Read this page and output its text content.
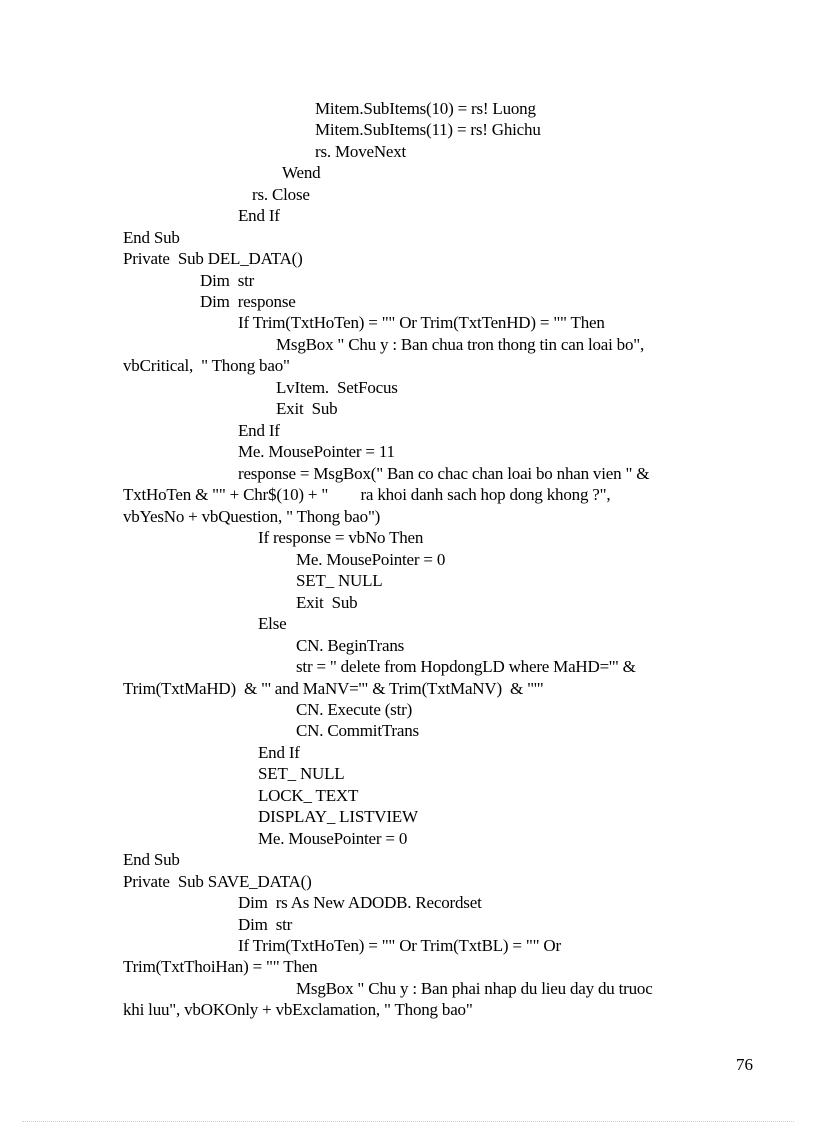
Mitem.SubItems(10) = rs! Luong
Mitem.SubItems(11) = rs! Ghichu
rs. MoveNext
Wend
rs. Close
End If
End Sub
Private  Sub DEL_DATA()
Dim  str
Dim  response
If Trim(TxtHoTen) = "" Or Trim(TxtTenHD) = "" Then
MsgBox " Chu y : Ban chua tron thong tin can loai bo",
vbCritical,  " Thong bao"
LvItem.  SetFocus
Exit  Sub
End If
Me. MousePointer = 11
response = MsgBox(" Ban co chac chan loai bo nhan vien " &
TxtHoTen & "" + Chr$(10) + "        ra khoi danh sach hop dong khong ?",
vbYesNo + vbQuestion, " Thong bao")
If response = vbNo Then
Me. MousePointer = 0
SET_ NULL
Exit  Sub
Else
CN. BeginTrans
str = " delete from HopdongLD where MaHD='" &
Trim(TxtMaHD)  & "' and MaNV='" & Trim(TxtMaNV)  & "'"
CN. Execute (str)
CN. CommitTrans
End If
SET_ NULL
LOCK_ TEXT
DISPLAY_ LISTVIEW
Me. MousePointer = 0
End Sub
Private  Sub SAVE_DATA()
Dim  rs As New ADODB. Recordset
Dim  str
If Trim(TxtHoTen) = "" Or Trim(TxtBL) = "" Or
Trim(TxtThoiHan) = "" Then
MsgBox " Chu y : Ban phai nhap du lieu day du truoc
khi luu", vbOKOnly + vbExclamation, " Thong bao"
76
